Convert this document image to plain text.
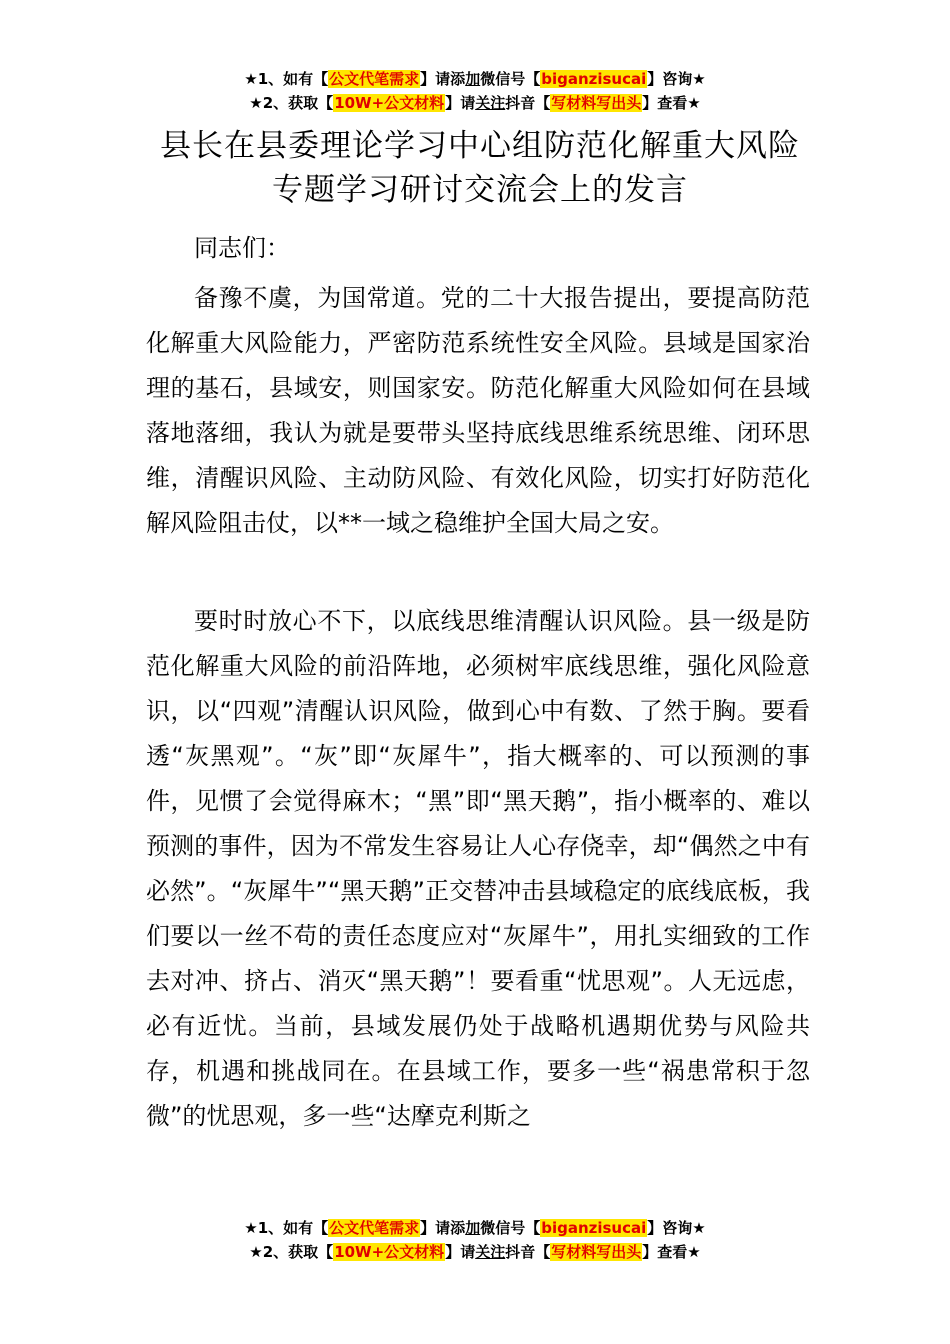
★1、如有【公文代笔需求】请添加微信号【biganzisucai】咨询★
★2、获取【10W+公文材料】请关注抖音【写材料写出头】查看★
县长在县委理论学习中心组防范化解重大风险专题学习研讨交流会上的发言
同志们：
备豫不虞，为国常道。党的二十大报告提出，要提高防范化解重大风险能力，严密防范系统性安全风险。县域是国家治理的基石，县域安，则国家安。防范化解重大风险如何在县域落地落细，我认为就是要带头坚持底线思维系统思维、闭环思维，清醒识风险、主动防风险、有效化风险，切实打好防范化解风险阻击仗，以**一域之稳维护全国大局之安。
要时时放心不下，以底线思维清醒认识风险。县一级是防范化解重大风险的前沿阵地，必须树牢底线思维，强化风险意识，以“四观”清醒认识风险，做到心中有数、了然于胸。要看透“灰黑观”。“灰”即“灰犀牛”，指大概率的、可以预测的事件，见惯了会觉得麻木；“黑”即“黑天鹅”，指小概率的、难以预测的事件，因为不常发生容易让人心存侥幸，却“偶然之中有必然”。“灰犀牛”“黑天鹅”正交替冲击县域稳定的底线底板，我们要以一丝不苟的责任态度应对“灰犀牛”，用扎实细致的工作去对冲、挤占、消灭“黑天鹅”！要看重“忧思观”。人无远虑，必有近忧。当前，县域发展仍处于战略机遇期优势与风险共存，机遇和挑战同在。在县域工作，要多一些“祸患常积于忽微”的忧思观，多一些“达摩克利斯之
★1、如有【公文代笔需求】请添加微信号【biganzisucai】咨询★
★2、获取【10W+公文材料】请关注抖音【写材料写出头】查看★
